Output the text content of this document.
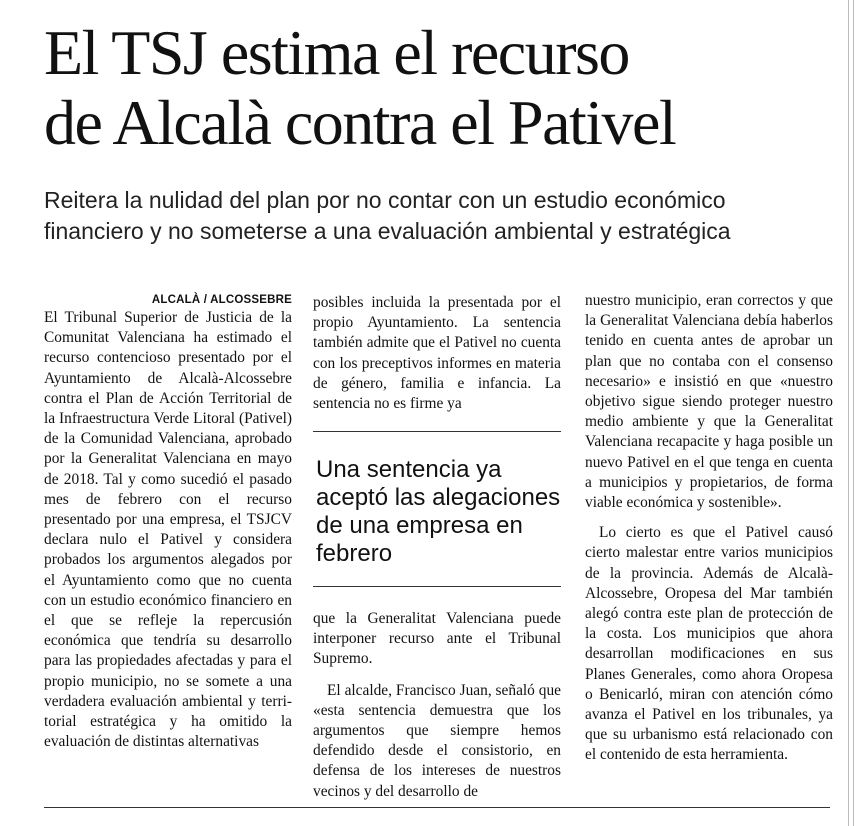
El TSJ estima el recurso
de Alcalà contra el Pativel
Reitera la nulidad del plan por no contar con un estudio económico
financiero y no someterse a una evaluación ambiental y estratégica
ALCALÀ / ALCOSSEBRE

El Tribunal Superior de Justicia de la Comunitat Valenciana ha estimado el recurso contencioso presentado por el Ayuntamiento de Alcalà-Alcossebre contra el Plan de Acción Territorial de la Infraestructura Verde Litoral (Pativel) de la Comunidad Valenciana, aprobado por la Generalitat Valenciana en mayo de 2018. Tal y como sucedió el pasado mes de febrero con el recurso presentado por una empresa, el TSJCV declara nulo el Pativel y considera probados los argumentos alegados por el Ayuntamiento como que no cuenta con un estudio económico financiero en el que se refleje la repercusión económica que tendría su desarrollo para las propiedades afectadas y para el propio municipio, no se somete a una verdadera evaluación ambiental y territorial estratégica y ha omitido la evaluación de distintas alternativas

posibles incluida la presentada por el propio Ayuntamiento. La sentencia también admite que el Pativel no cuenta con los preceptivos informes en materia de género, familia e infancia. La sentencia no es firme ya

Una sentencia ya aceptó las alegaciones de una empresa en febrero

que la Generalitat Valenciana puede interponer recurso ante el Tribunal Supremo.

El alcalde, Francisco Juan, señaló que «esta sentencia demuestra que los argumentos que siempre hemos defendido desde el consistorio, en defensa de los intereses de nuestros vecinos y del desarrollo de

nuestro municipio, eran correctos y que la Generalitat Valenciana debía haberlos tenido en cuenta antes de aprobar un plan que no contaba con el consenso necesario» e insistió en que «nuestro objetivo sigue siendo proteger nuestro medio ambiente y que la Generalitat Valenciana recapacite y haga posible un nuevo Pativel en el que tenga en cuenta a municipios y propietarios, de forma viable económica y sostenible».

Lo cierto es que el Pativel causó cierto malestar entre varios municipios de la provincia. Además de Alcalà-Alcossebre, Oropesa del Mar también alegó contra este plan de protección de la costa. Los municipios que ahora desarrollan modificaciones en sus Planes Generales, como ahora Oropesa o Benicarló, miran con atención cómo avanza el Pativel en los tribunales, ya que su urbanismo está relacionado con el contenido de esta herramienta.
